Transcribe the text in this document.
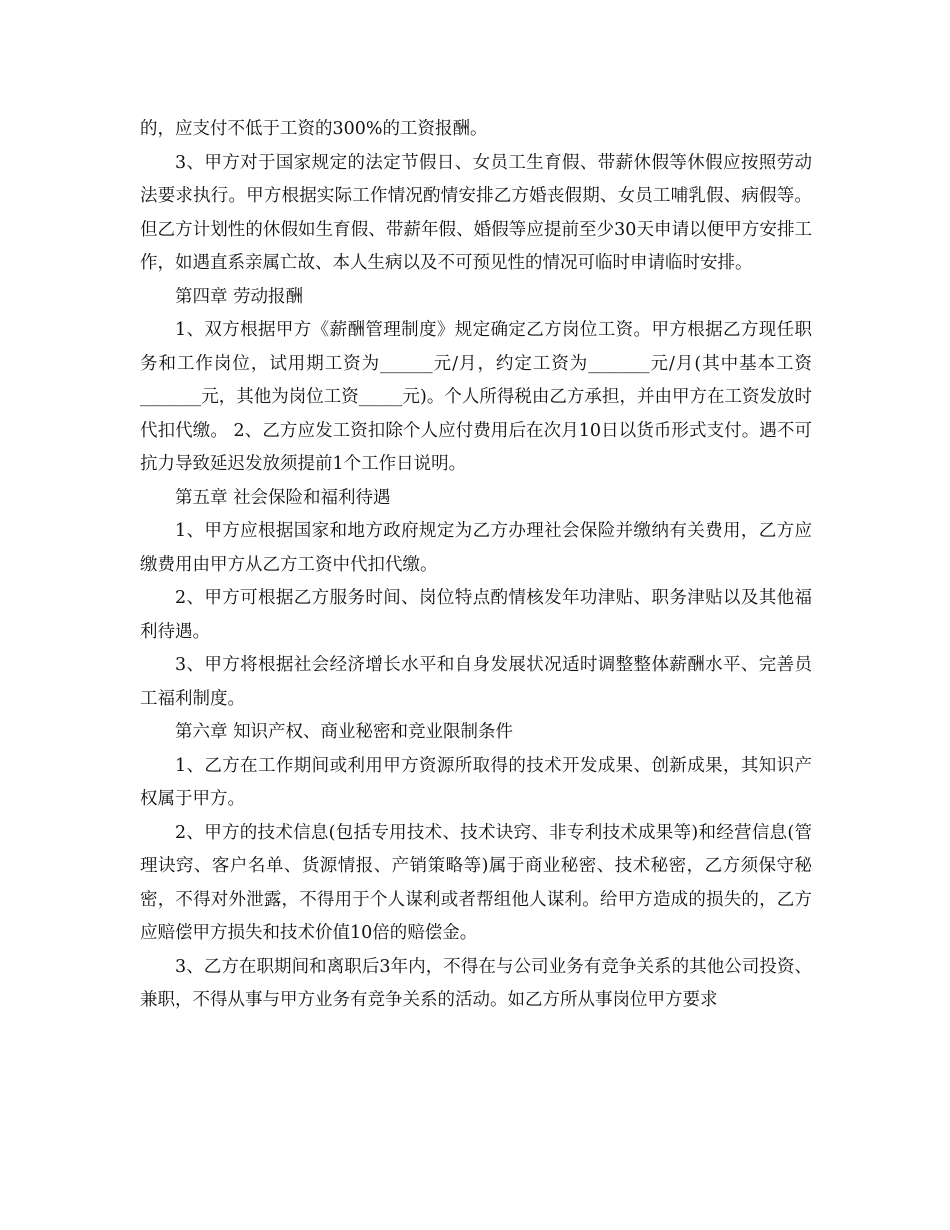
的，应支付不低于工资的300%的工资报酬。

3、甲方对于国家规定的法定节假日、女员工生育假、带薪休假等休假应按照劳动法要求执行。甲方根据实际工作情况酌情安排乙方婚丧假期、女员工哺乳假、病假等。但乙方计划性的休假如生育假、带薪年假、婚假等应提前至少30天申请以便甲方安排工作，如遇直系亲属亡故、本人生病以及不可预见性的情况可临时申请临时安排。

第四章 劳动报酬

1、双方根据甲方《薪酬管理制度》规定确定乙方岗位工资。甲方根据乙方现任职务和工作岗位，试用期工资为______元/月，约定工资为_______元/月(其中基本工资_______元，其他为岗位工资_____元)。个人所得税由乙方承担，并由甲方在工资发放时代扣代缴。 2、乙方应发工资扣除个人应付费用后在次月10日以货币形式支付。遇不可抗力导致延迟发放须提前1个工作日说明。

第五章 社会保险和福利待遇

1、甲方应根据国家和地方政府规定为乙方办理社会保险并缴纳有关费用，乙方应缴费用由甲方从乙方工资中代扣代缴。

2、甲方可根据乙方服务时间、岗位特点酌情核发年功津贴、职务津贴以及其他福利待遇。

3、甲方将根据社会经济增长水平和自身发展状况适时调整整体薪酬水平、完善员工福利制度。

第六章 知识产权、商业秘密和竞业限制条件

1、乙方在工作期间或利用甲方资源所取得的技术开发成果、创新成果，其知识产权属于甲方。

2、甲方的技术信息(包括专用技术、技术诀窍、非专利技术成果等)和经营信息(管理诀窍、客户名单、货源情报、产销策略等)属于商业秘密、技术秘密，乙方须保守秘密，不得对外泄露，不得用于个人谋利或者帮组他人谋利。给甲方造成的损失的，乙方应赔偿甲方损失和技术价值10倍的赔偿金。

3、乙方在职期间和离职后3年内，不得在与公司业务有竞争关系的其他公司投资、兼职，不得从事与甲方业务有竞争关系的活动。如乙方所从事岗位甲方要求
